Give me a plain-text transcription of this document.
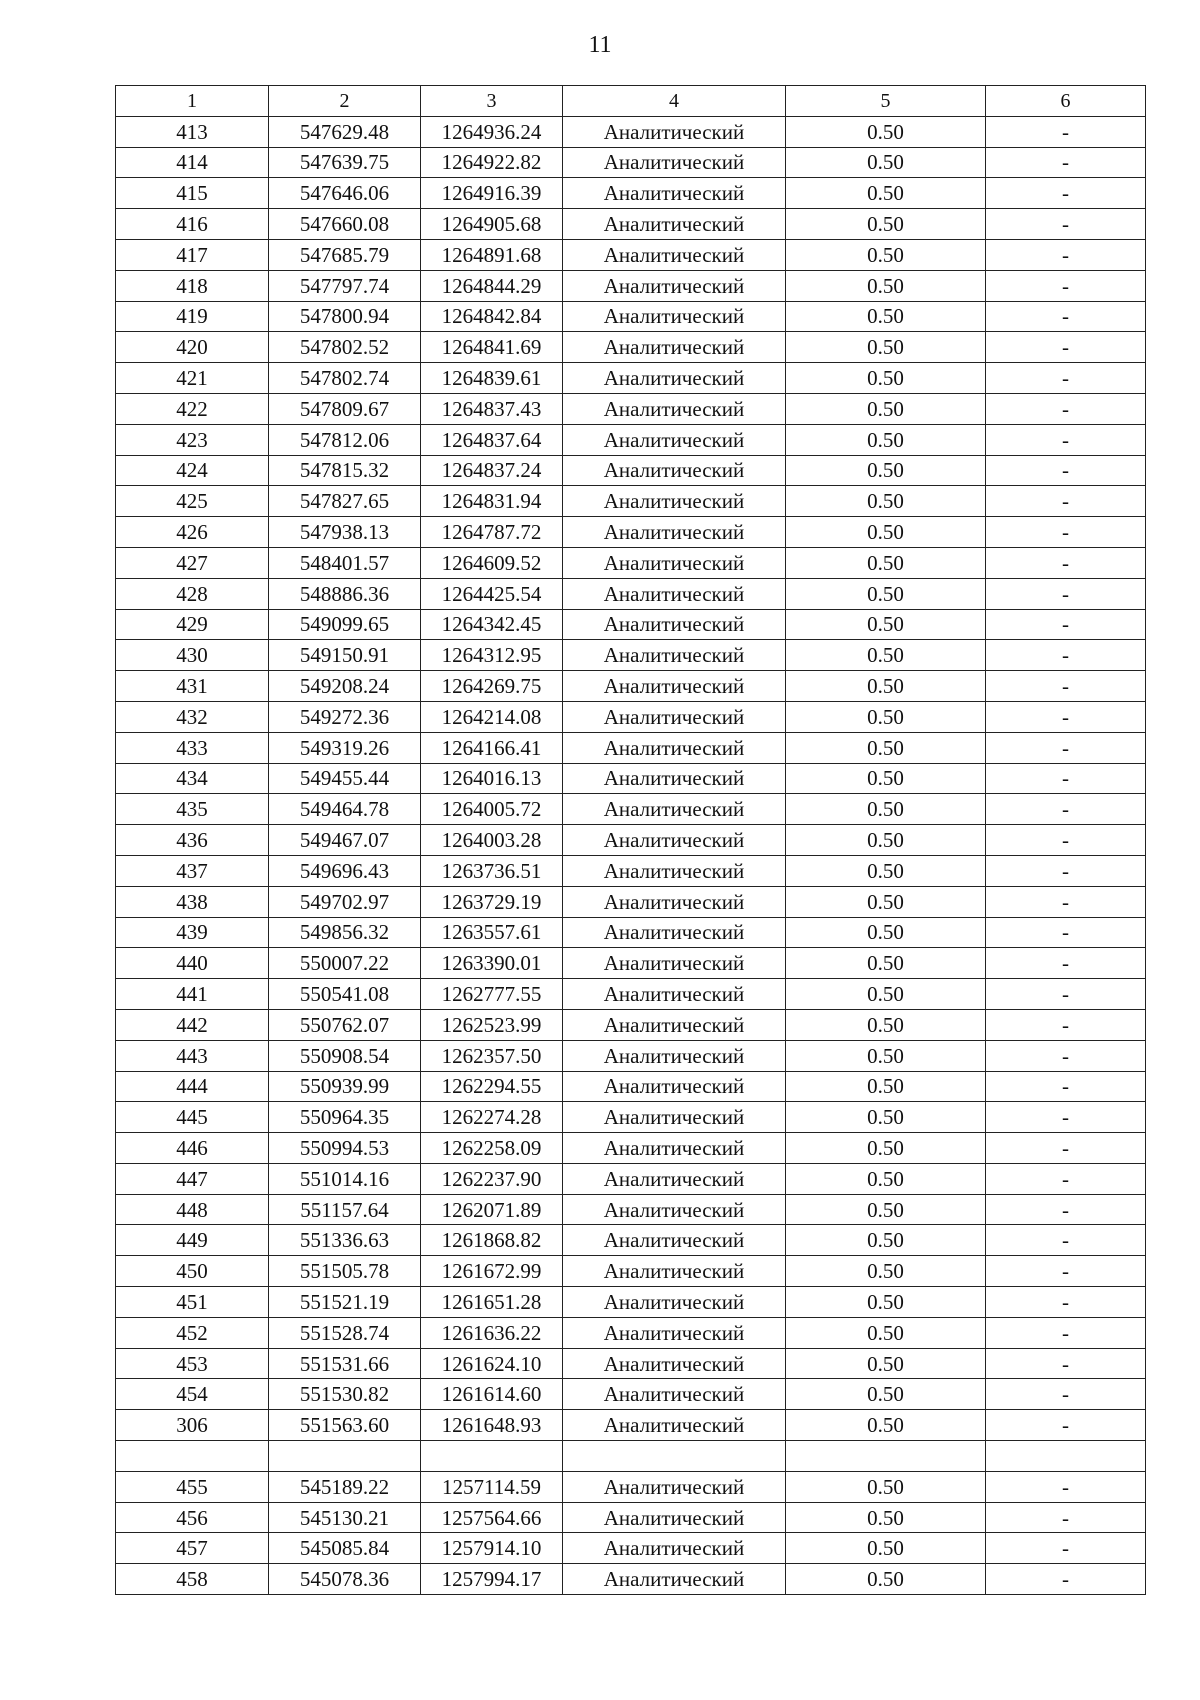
11
1	2	3	4	5	6
413	547629.48	1264936.24	Аналитический	0.50	-
414	547639.75	1264922.82	Аналитический	0.50	-
415	547646.06	1264916.39	Аналитический	0.50	-
416	547660.08	1264905.68	Аналитический	0.50	-
417	547685.79	1264891.68	Аналитический	0.50	-
418	547797.74	1264844.29	Аналитический	0.50	-
419	547800.94	1264842.84	Аналитический	0.50	-
420	547802.52	1264841.69	Аналитический	0.50	-
421	547802.74	1264839.61	Аналитический	0.50	-
422	547809.67	1264837.43	Аналитический	0.50	-
423	547812.06	1264837.64	Аналитический	0.50	-
424	547815.32	1264837.24	Аналитический	0.50	-
425	547827.65	1264831.94	Аналитический	0.50	-
426	547938.13	1264787.72	Аналитический	0.50	-
427	548401.57	1264609.52	Аналитический	0.50	-
428	548886.36	1264425.54	Аналитический	0.50	-
429	549099.65	1264342.45	Аналитический	0.50	-
430	549150.91	1264312.95	Аналитический	0.50	-
431	549208.24	1264269.75	Аналитический	0.50	-
432	549272.36	1264214.08	Аналитический	0.50	-
433	549319.26	1264166.41	Аналитический	0.50	-
434	549455.44	1264016.13	Аналитический	0.50	-
435	549464.78	1264005.72	Аналитический	0.50	-
436	549467.07	1264003.28	Аналитический	0.50	-
437	549696.43	1263736.51	Аналитический	0.50	-
438	549702.97	1263729.19	Аналитический	0.50	-
439	549856.32	1263557.61	Аналитический	0.50	-
440	550007.22	1263390.01	Аналитический	0.50	-
441	550541.08	1262777.55	Аналитический	0.50	-
442	550762.07	1262523.99	Аналитический	0.50	-
443	550908.54	1262357.50	Аналитический	0.50	-
444	550939.99	1262294.55	Аналитический	0.50	-
445	550964.35	1262274.28	Аналитический	0.50	-
446	550994.53	1262258.09	Аналитический	0.50	-
447	551014.16	1262237.90	Аналитический	0.50	-
448	551157.64	1262071.89	Аналитический	0.50	-
449	551336.63	1261868.82	Аналитический	0.50	-
450	551505.78	1261672.99	Аналитический	0.50	-
451	551521.19	1261651.28	Аналитический	0.50	-
452	551528.74	1261636.22	Аналитический	0.50	-
453	551531.66	1261624.10	Аналитический	0.50	-
454	551530.82	1261614.60	Аналитический	0.50	-
306	551563.60	1261648.93	Аналитический	0.50	-

455	545189.22	1257114.59	Аналитический	0.50	-
456	545130.21	1257564.66	Аналитический	0.50	-
457	545085.84	1257914.10	Аналитический	0.50	-
458	545078.36	1257994.17	Аналитический	0.50	-
